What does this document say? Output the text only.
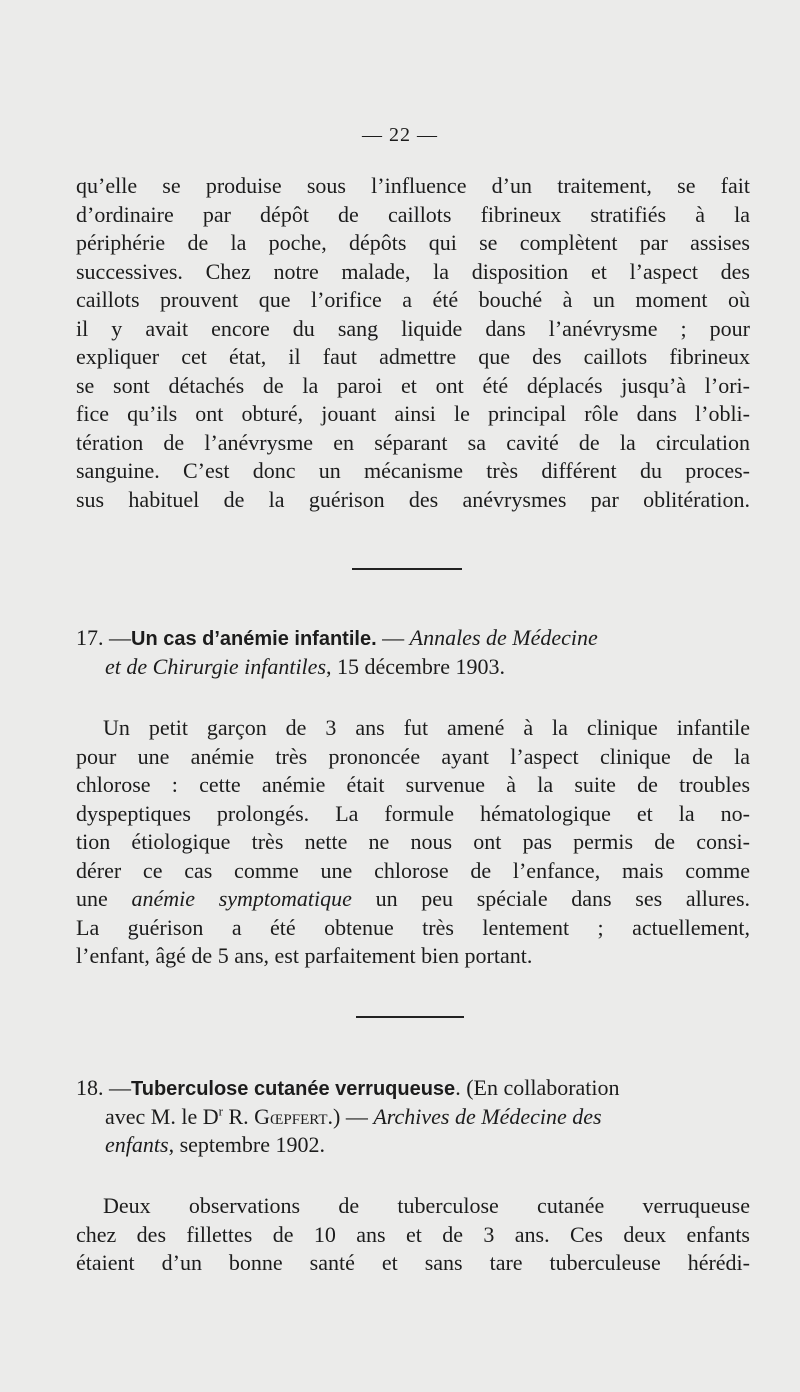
— 22 —
qu’elle se produise sous l’influence d’un traitement, se fait
d’ordinaire par dépôt de caillots fibrineux stratifiés à la
périphérie de la poche, dépôts qui se complètent par assises
successives. Chez notre malade, la disposition et l’aspect des
caillots prouvent que l’orifice a été bouché à un moment où
il y avait encore du sang liquide dans l’anévrysme ; pour
expliquer cet état, il faut admettre que des caillots fibrineux
se sont détachés de la paroi et ont été déplacés jusqu’à l’ori-
fice qu’ils ont obturé, jouant ainsi le principal rôle dans l’obli-
tération de l’anévrysme en séparant sa cavité de la circulation
sanguine. C’est donc un mécanisme très différent du proces-
sus habituel de la guérison des anévrysmes par oblitération.
17. —Un cas d’anémie infantile. — Annales de Médecine
et de Chirurgie infantiles, 15 décembre 1903.
Un petit garçon de 3 ans fut amené à la clinique infantile
pour une anémie très prononcée ayant l’aspect clinique de la
chlorose : cette anémie était survenue à la suite de troubles
dyspeptiques prolongés. La formule hématologique et la no-
tion étiologique très nette ne nous ont pas permis de consi-
dérer ce cas comme une chlorose de l’enfance, mais comme
une anémie symptomatique un peu spéciale dans ses allures.
La guérison a été obtenue très lentement ; actuellement,
l’enfant, âgé de 5 ans, est parfaitement bien portant.
18. —Tuberculose cutanée verruqueuse. (En collaboration
avec M. le $D^r$ R. Gœpfert.) — Archives de Médecine des
enfants, septembre 1902.
Deux observations de tuberculose cutanée verruqueuse
chez des fillettes de 10 ans et de 3 ans. Ces deux enfants
étaient d’un bonne santé et sans tare tuberculeuse hérédi-
